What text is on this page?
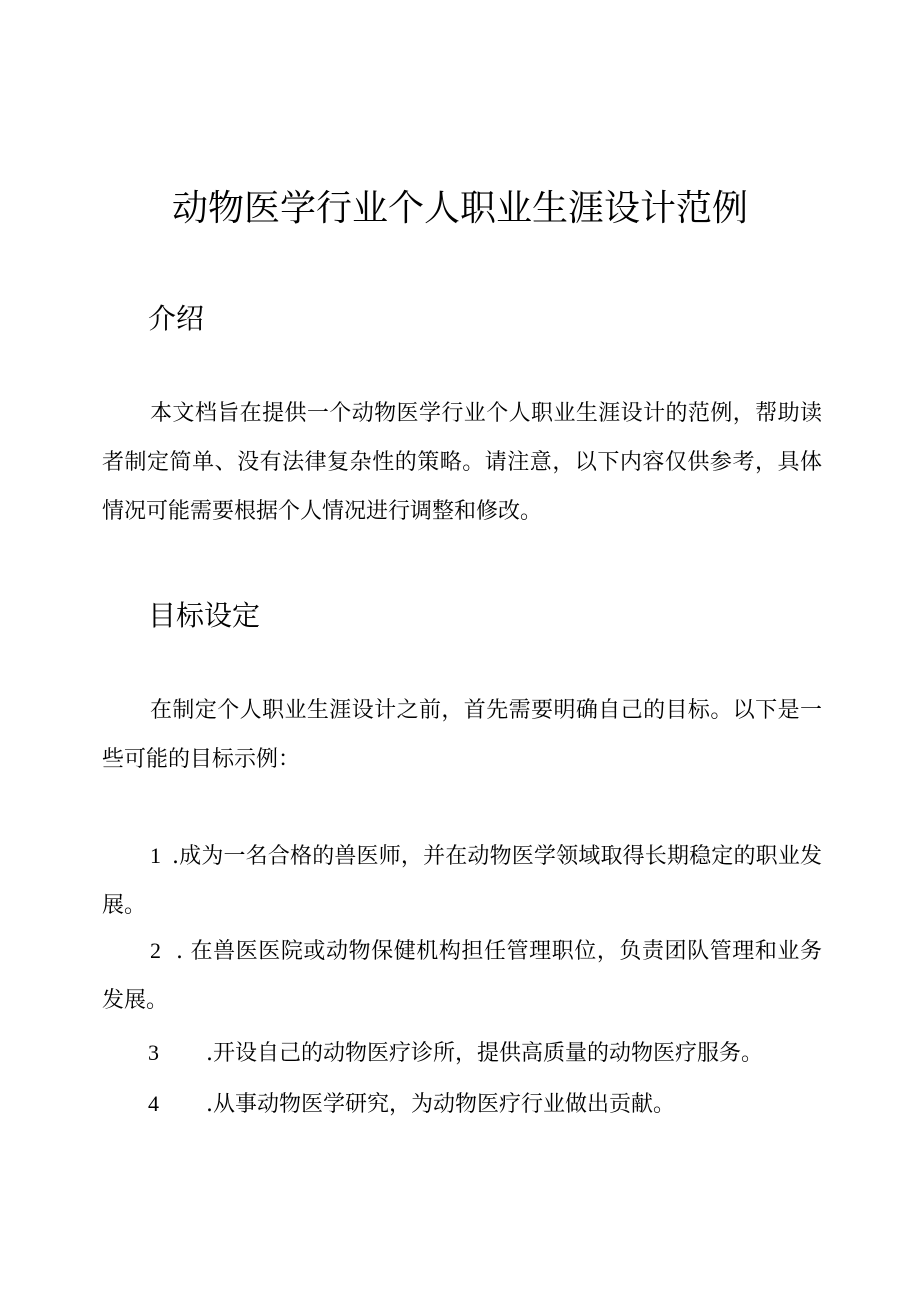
动物医学行业个人职业生涯设计范例
介绍

本文档旨在提供一个动物医学行业个人职业生涯设计的范例，帮助读者制定简单、没有法律复杂性的策略。请注意，以下内容仅供参考，具体情况可能需要根据个人情况进行调整和修改。

目标设定

在制定个人职业生涯设计之前，首先需要明确自己的目标。以下是一些可能的目标示例：

1 .成为一名合格的兽医师，并在动物医学领域取得长期稳定的职业发展。

2 . 在兽医医院或动物保健机构担任管理职位，负责团队管理和业务发展。

3 .开设自己的动物医疗诊所，提供高质量的动物医疗服务。

4 .从事动物医学研究，为动物医疗行业做出贡献。
